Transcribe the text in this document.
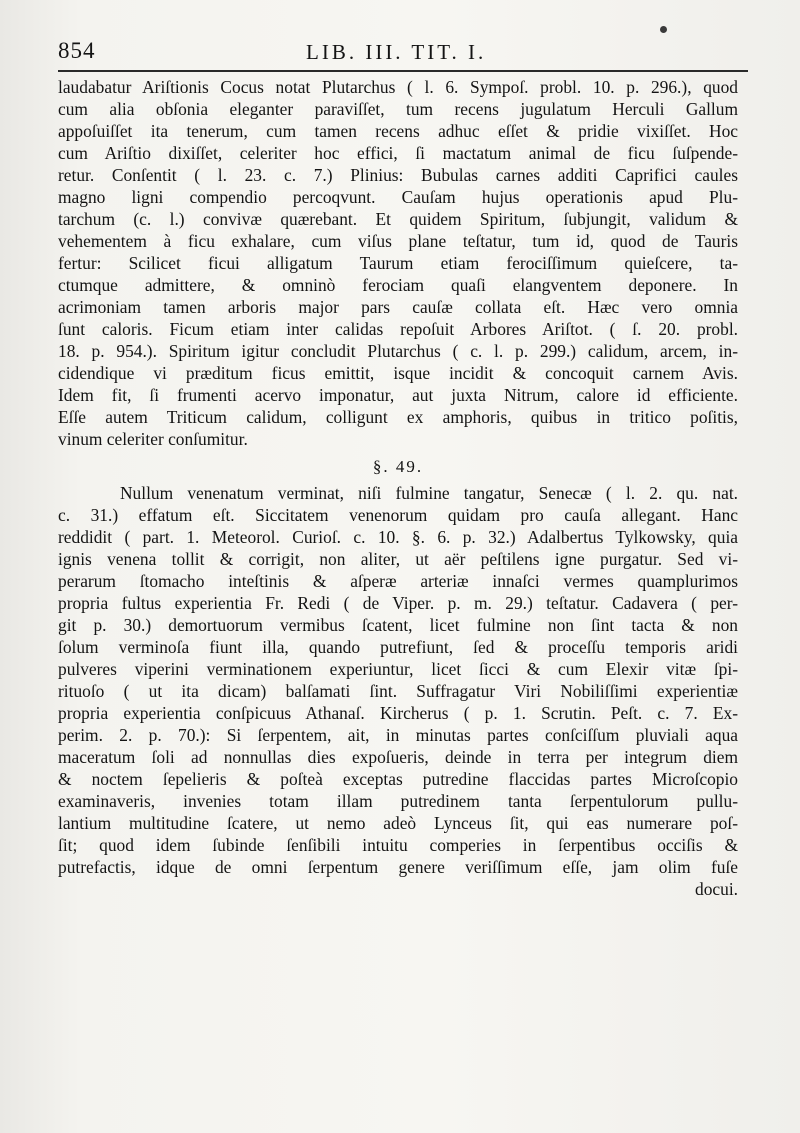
854	LIB. III. TIT. I.
laudabatur Ariſtionis Cocus notat Plutarchus ( l. 6. Sympoſ. probl. 10. p. 296.), quod
cum alia obſonia eleganter paraviſſet, tum recens jugulatum Herculi Gallum
appoſuiſſet ita tenerum, cum tamen recens adhuc eſſet & pridie vixiſſet. Hoc
cum Ariſtio dixiſſet, celeriter hoc effici, ſi mactatum animal de ficu ſuſpende-
retur. Conſentit ( l. 23. c. 7.) Plinius: Bubulas carnes additi Caprifici caules
magno ligni compendio percoqvunt. Cauſam hujus operationis apud Plu-
tarchum (c. l.) convivæ quærebant. Et quidem Spiritum, ſubjungit, validum &
vehementem à ficu exhalare, cum viſus plane teſtatur, tum id, quod de Tauris
fertur: Scilicet ficui alligatum Taurum etiam ferociſſimum quieſcere, ta-
ctumque admittere, & omninò ferociam quaſi elangventem deponere. In
acrimoniam tamen arboris major pars cauſæ collata eſt. Hæc vero omnia
ſunt caloris. Ficum etiam inter calidas repoſuit Arbores Ariſtot. ( ſ. 20. probl.
18. p. 954.). Spiritum igitur concludit Plutarchus ( c. l. p. 299.) calidum, arcem, in-
cidendique vi præditum ficus emittit, isque incidit & concoquit carnem Avis.
Idem fit, ſi frumenti acervo imponatur, aut juxta Nitrum, calore id efficiente.
Eſſe autem Triticum calidum, colligunt ex amphoris, quibus in tritico poſitis,
vinum celeriter conſumitur.
§. 49.
Nullum venenatum verminat, niſi fulmine tangatur, Senecæ ( l. 2. qu. nat.
c. 31.) effatum eſt. Siccitatem venenorum quidam pro cauſa allegant. Hanc
reddidit ( part. 1. Meteorol. Curioſ. c. 10. §. 6. p. 32.) Adalbertus Tylkowsky, quia
ignis venena tollit & corrigit, non aliter, ut aër peſtilens igne purgatur. Sed vi-
perarum ſtomacho inteſtinis & aſperæ arteriæ innaſci vermes quamplurimos
propria fultus experientia Fr. Redi ( de Viper. p. m. 29.) teſtatur. Cadavera ( per-
git p. 30.) demortuorum vermibus ſcatent, licet fulmine non ſint tacta & non
ſolum verminoſa fiunt illa, quando putrefiunt, ſed & proceſſu temporis aridi
pulveres viperini verminationem experiuntur, licet ſicci & cum Elexir vitæ ſpi-
rituoſo ( ut ita dicam) balſamati ſint. Suffragatur Viri Nobiliſſimi experientiæ
propria experientia conſpicuus Athanaſ. Kircherus ( p. 1. Scrutin. Peſt. c. 7. Ex-
perim. 2. p. 70.): Si ſerpentem, ait, in minutas partes conſciſſum pluviali aqua
maceratum ſoli ad nonnullas dies expoſueris, deinde in terra per integrum diem
& noctem ſepelieris & poſteà exceptas putredine flaccidas partes Microſcopio
examinaveris, invenies totam illam putredinem tanta ſerpentulorum pullu-
lantium multitudine ſcatere, ut nemo adeò Lynceus ſit, qui eas numerare poſ-
ſit; quod idem ſubinde ſenſibili intuitu comperies in ſerpentibus occiſis &
putrefactis, idque de omni ſerpentum genere veriſſimum eſſe, jam olim fuſe
docui.
